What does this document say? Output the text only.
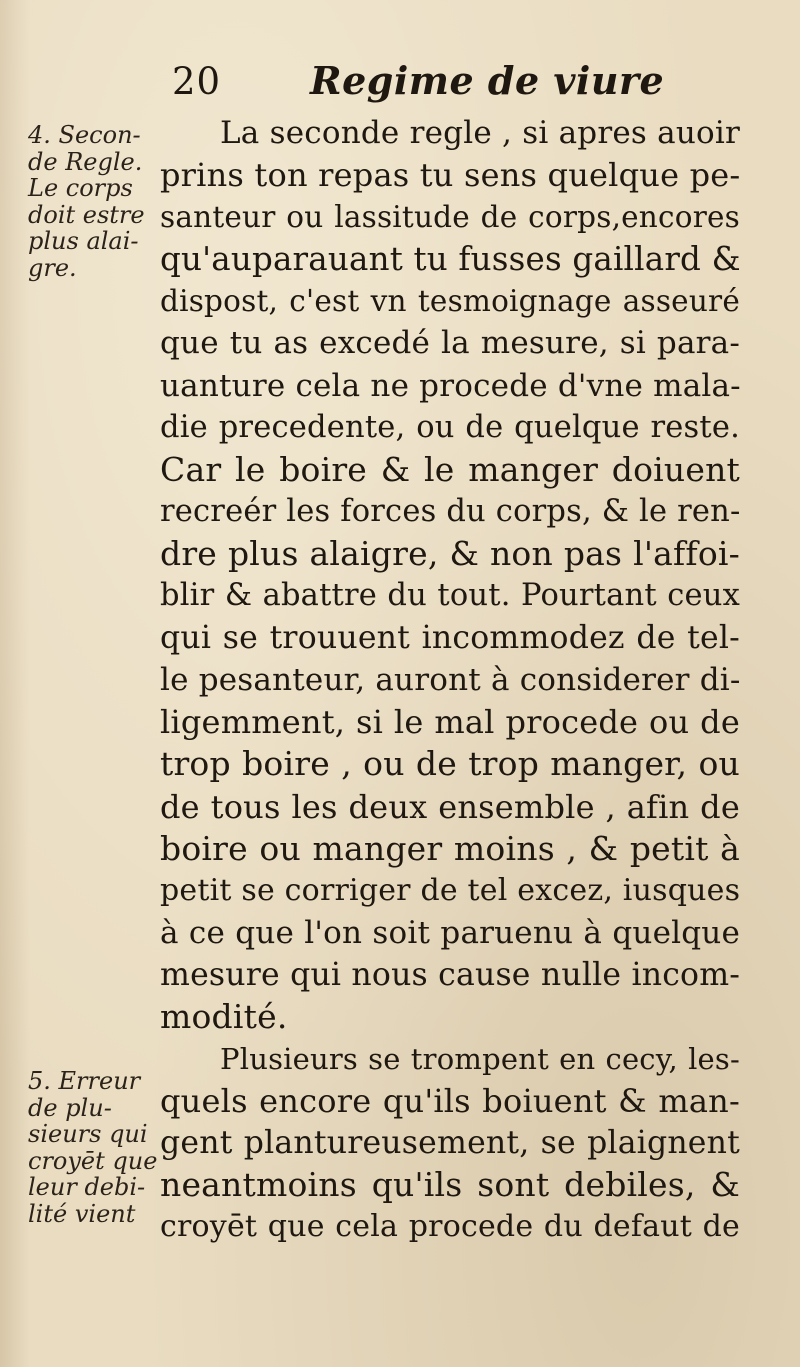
20 Regime de viure
4. Secon-
de Regle.
Le corps
doit estre
plus alai-
gre.
5. Erreur
de plu-
sieurs qui
croyēt que
leur debi-
lité vient
La seconde regle , si apres auoir
prins ton repas tu sens quelque pe-
santeur ou lassitude de corps,encores
qu'auparauant tu fusses gaillard &
dispost, c'est vn tesmoignage asseuré
que tu as excedé la mesure, si para-
uanture cela ne procede d'vne mala-
die precedente, ou de quelque reste.
Car le boire & le manger doiuent
recreér les forces du corps, & le ren-
dre plus alaigre, & non pas l'affoi-
blir & abattre du tout. Pourtant ceux
qui se trouuent incommodez de tel-
le pesanteur, auront à considerer di-
ligemment, si le mal procede ou de
trop boire , ou de trop manger, ou
de tous les deux ensemble , afin de
boire ou manger moins , & petit à
petit se corriger de tel excez, iusques
à ce que l'on soit paruenu à quelque
mesure qui nous cause nulle incom-
modité.
Plusieurs se trompent en cecy, les-
quels encore qu'ils boiuent & man-
gent plantureusement, se plaignent
neantmoins qu'ils sont debiles, &
croyēt que cela procede du defaut de
